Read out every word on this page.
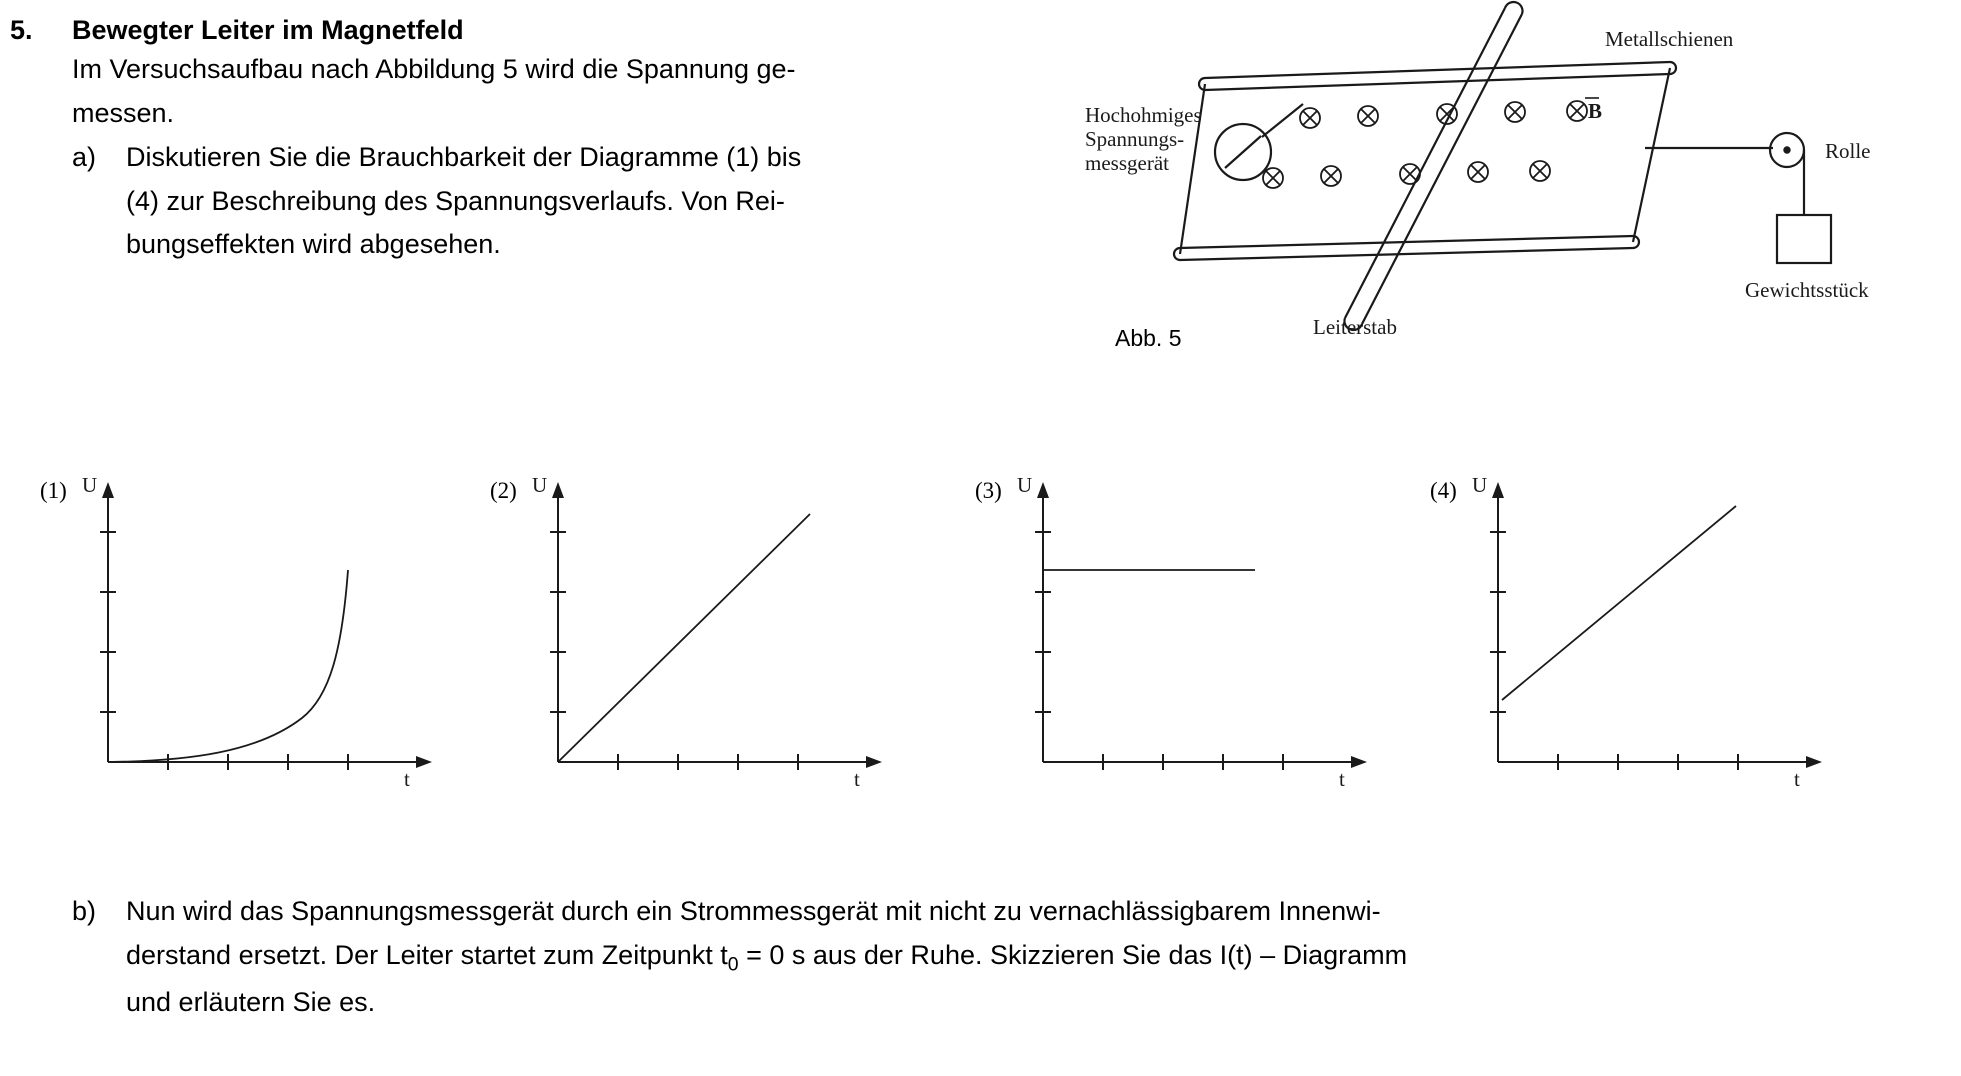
5.	Bewegter Leiter im Magnetfeld
Im Versuchsaufbau nach Abbildung 5 wird die Spannung ge-
messen.
a)	Diskutieren Sie die Brauchbarkeit der Diagramme (1) bis
(4) zur Beschreibung des Spannungsverlaufs. Von Rei-

bungseffekten wird abgesehen.
Metallschienen
Hochohmiges
Spannungs-
messgerät
B
Rolle
Gewichtsstück
Leiterstab
Abb. 5
(1) U
t
(2) U
t
(3) U
t
(4) U
t
b)	Nun wird das Spannungsmessgerät durch ein Strommessgerät mit nicht zu vernachlässigbarem Innenwi-
derstand ersetzt. Der Leiter startet zum Zeitpunkt $t_0 = 0$ s aus der Ruhe. Skizzieren Sie das I(t) – Diagramm

und erläutern Sie es.
